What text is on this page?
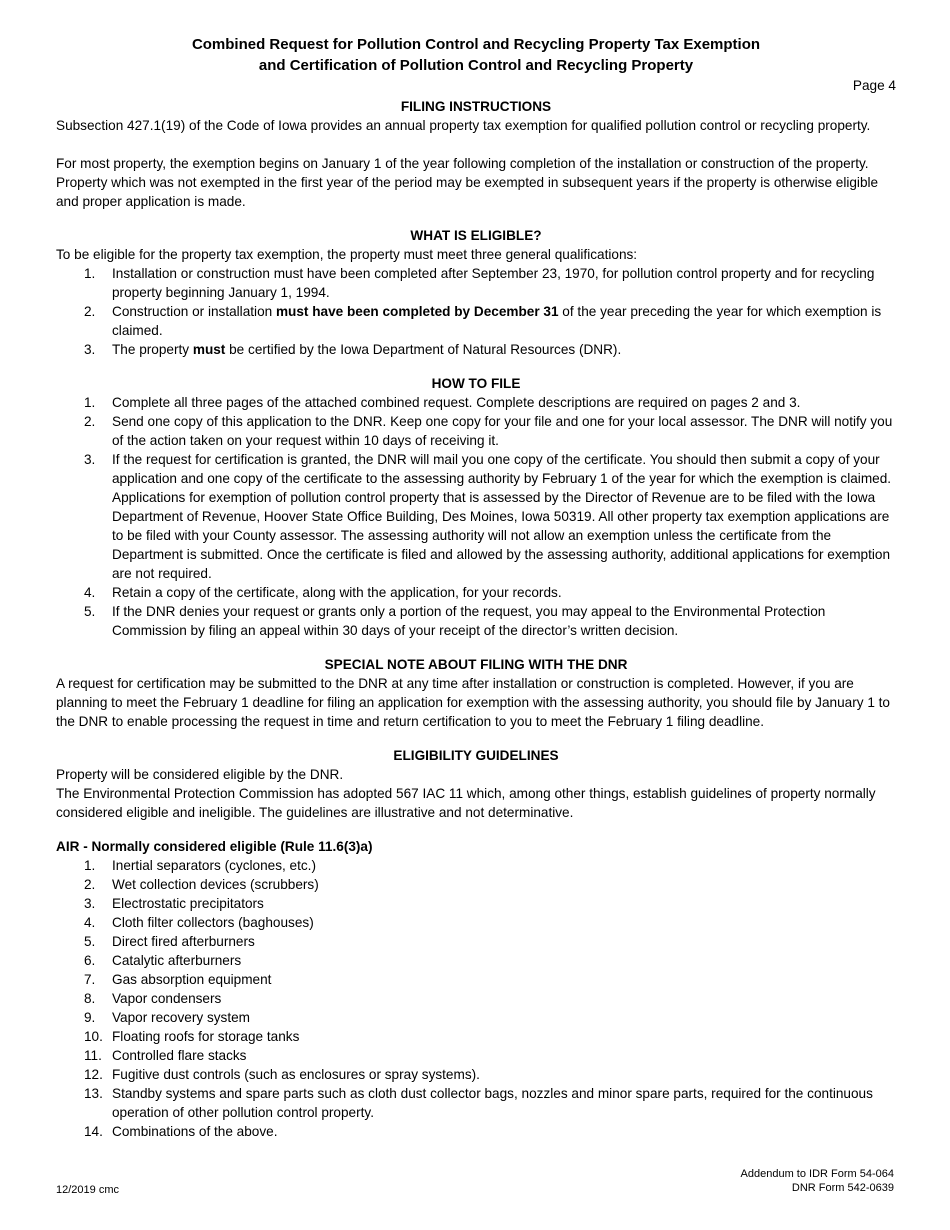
Combined Request for Pollution Control and Recycling Property Tax Exemption

and Certification of Pollution Control and Recycling Property

Page 4

FILING INSTRUCTIONS

Subsection 427.1(19) of the Code of Iowa provides an annual property tax exemption for qualified pollution control or recycling property.

For most property, the exemption begins on January 1 of the year following completion of the installation or construction of the property. Property which was not exempted in the first year of the period may be exempted in subsequent years if the property is otherwise eligible and proper application is made.

WHAT IS ELIGIBLE?

To be eligible for the property tax exemption, the property must meet three general qualifications:

1. Installation or construction must have been completed after September 23, 1970, for pollution control property and for recycling property beginning January 1, 1994.
2. Construction or installation must have been completed by December 31 of the year preceding the year for which exemption is claimed.
3. The property must be certified by the Iowa Department of Natural Resources (DNR).

HOW TO FILE

1. Complete all three pages of the attached combined request. Complete descriptions are required on pages 2 and 3.
2. Send one copy of this application to the DNR. Keep one copy for your file and one for your local assessor. The DNR will notify you of the action taken on your request within 10 days of receiving it.
3. If the request for certification is granted, the DNR will mail you one copy of the certificate. You should then submit a copy of your application and one copy of the certificate to the assessing authority by February 1 of the year for which the exemption is claimed. Applications for exemption of pollution control property that is assessed by the Director of Revenue are to be filed with the Iowa Department of Revenue, Hoover State Office Building, Des Moines, Iowa 50319. All other property tax exemption applications are to be filed with your County assessor. The assessing authority will not allow an exemption unless the certificate from the Department is submitted. Once the certificate is filed and allowed by the assessing authority, additional applications for exemption are not required.
4. Retain a copy of the certificate, along with the application, for your records.
5. If the DNR denies your request or grants only a portion of the request, you may appeal to the Environmental Protection Commission by filing an appeal within 30 days of your receipt of the director’s written decision.

SPECIAL NOTE ABOUT FILING WITH THE DNR

A request for certification may be submitted to the DNR at any time after installation or construction is completed. However, if you are planning to meet the February 1 deadline for filing an application for exemption with the assessing authority, you should file by January 1 to the DNR to enable processing the request in time and return certification to you to meet the February 1 filing deadline.

ELIGIBILITY GUIDELINES

Property will be considered eligible by the DNR.

The Environmental Protection Commission has adopted 567 IAC 11 which, among other things, establish guidelines of property normally considered eligible and ineligible. The guidelines are illustrative and not determinative.

AIR - Normally considered eligible (Rule 11.6(3)a)

1. Inertial separators (cyclones, etc.)
2. Wet collection devices (scrubbers)
3. Electrostatic precipitators
4. Cloth filter collectors (baghouses)
5. Direct fired afterburners
6. Catalytic afterburners
7. Gas absorption equipment
8. Vapor condensers
9. Vapor recovery system
10. Floating roofs for storage tanks
11. Controlled flare stacks
12. Fugitive dust controls (such as enclosures or spray systems).
13. Standby systems and spare parts such as cloth dust collector bags, nozzles and minor spare parts, required for the continuous operation of other pollution control property.
14. Combinations of the above.
12/2019 cmc
Addendum to IDR Form 54-064
DNR Form 542-0639
